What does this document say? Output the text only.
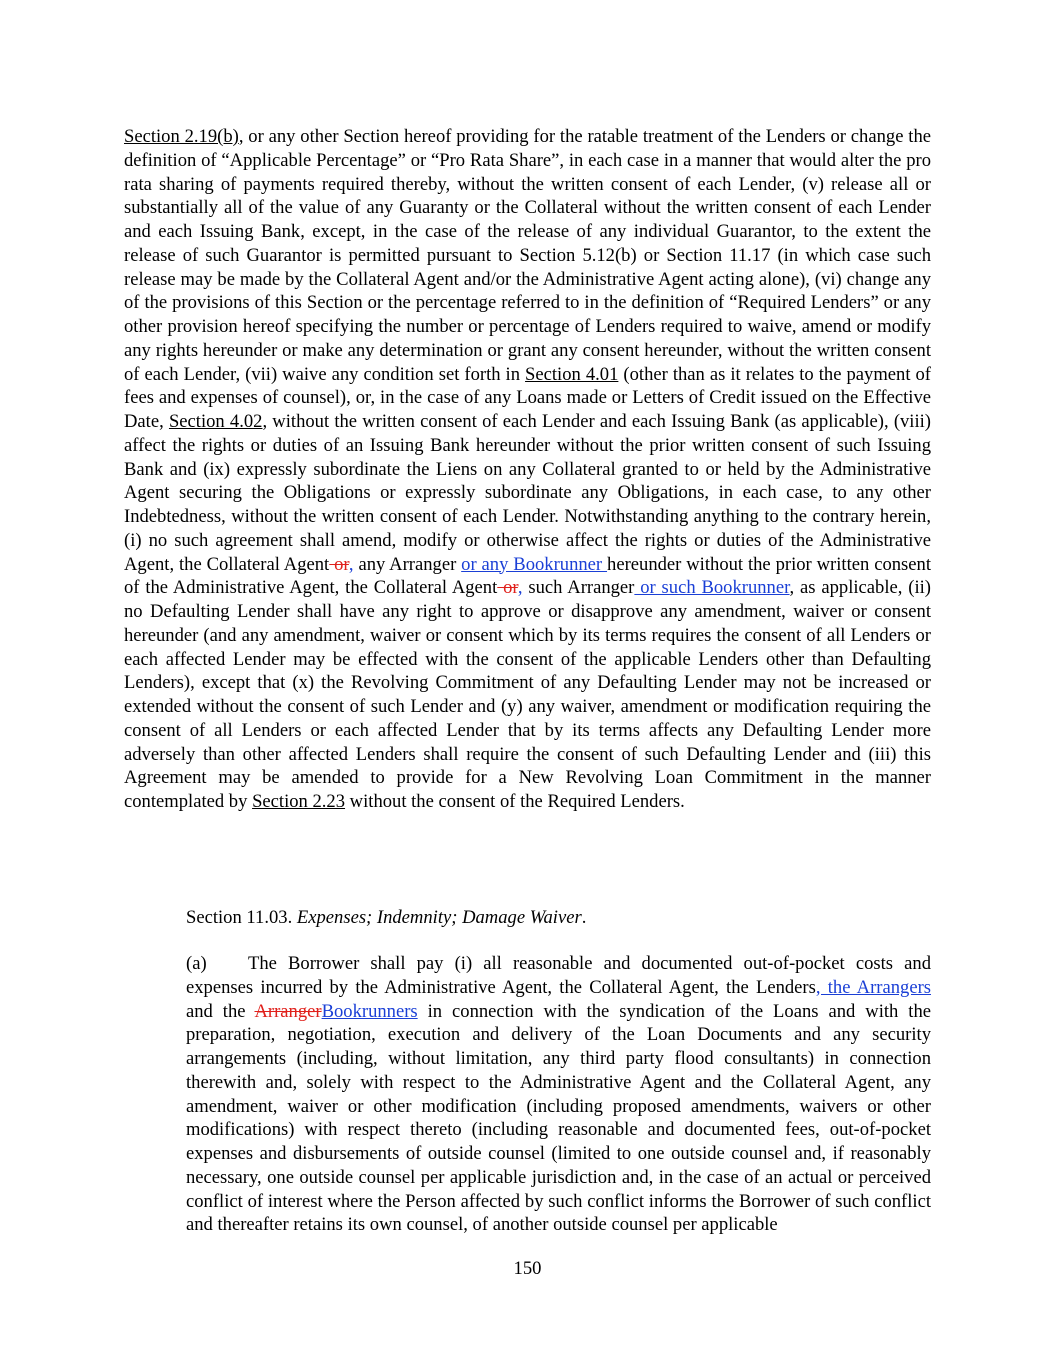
Section 2.19(b), or any other Section hereof providing for the ratable treatment of the Lenders or change the definition of “Applicable Percentage” or “Pro Rata Share”, in each case in a manner that would alter the pro rata sharing of payments required thereby, without the written consent of each Lender, (v) release all or substantially all of the value of any Guaranty or the Collateral without the written consent of each Lender and each Issuing Bank, except, in the case of the release of any individual Guarantor, to the extent the release of such Guarantor is permitted pursuant to Section 5.12(b) or Section 11.17 (in which case such release may be made by the Collateral Agent and/or the Administrative Agent acting alone), (vi) change any of the provisions of this Section or the percentage referred to in the definition of “Required Lenders” or any other provision hereof specifying the number or percentage of Lenders required to waive, amend or modify any rights hereunder or make any determination or grant any consent hereunder, without the written consent of each Lender, (vii) waive any condition set forth in Section 4.01 (other than as it relates to the payment of fees and expenses of counsel), or, in the case of any Loans made or Letters of Credit issued on the Effective Date, Section 4.02, without the written consent of each Lender and each Issuing Bank (as applicable), (viii) affect the rights or duties of an Issuing Bank hereunder without the prior written consent of such Issuing Bank and (ix) expressly subordinate the Liens on any Collateral granted to or held by the Administrative Agent securing the Obligations or expressly subordinate any Obligations, in each case, to any other Indebtedness, without the written consent of each Lender. Notwithstanding anything to the contrary herein, (i) no such agreement shall amend, modify or otherwise affect the rights or duties of the Administrative Agent, the Collateral Agent or, any Arranger or any Bookrunner hereunder without the prior written consent of the Administrative Agent, the Collateral Agent or, such Arranger or such Bookrunner, as applicable, (ii) no Defaulting Lender shall have any right to approve or disapprove any amendment, waiver or consent hereunder (and any amendment, waiver or consent which by its terms requires the consent of all Lenders or each affected Lender may be effected with the consent of the applicable Lenders other than Defaulting Lenders), except that (x) the Revolving Commitment of any Defaulting Lender may not be increased or extended without the consent of such Lender and (y) any waiver, amendment or modification requiring the consent of all Lenders or each affected Lender that by its terms affects any Defaulting Lender more adversely than other affected Lenders shall require the consent of such Defaulting Lender and (iii) this Agreement may be amended to provide for a New Revolving Loan Commitment in the manner contemplated by Section 2.23 without the consent of the Required Lenders.

Section 11.03. Expenses; Indemnity; Damage Waiver.

(a) The Borrower shall pay (i) all reasonable and documented out-of-pocket costs and expenses incurred by the Administrative Agent, the Collateral Agent, the Lenders, the Arrangers and the ArrangerBookrunners in connection with the syndication of the Loans and with the preparation, negotiation, execution and delivery of the Loan Documents and any security arrangements (including, without limitation, any third party flood consultants) in connection therewith and, solely with respect to the Administrative Agent and the Collateral Agent, any amendment, waiver or other modification (including proposed amendments, waivers or other modifications) with respect thereto (including reasonable and documented fees, out-of-pocket expenses and disbursements of outside counsel (limited to one outside counsel and, if reasonably necessary, one outside counsel per applicable jurisdiction and, in the case of an actual or perceived conflict of interest where the Person affected by such conflict informs the Borrower of such conflict and thereafter retains its own counsel, of another outside counsel per applicable

150
